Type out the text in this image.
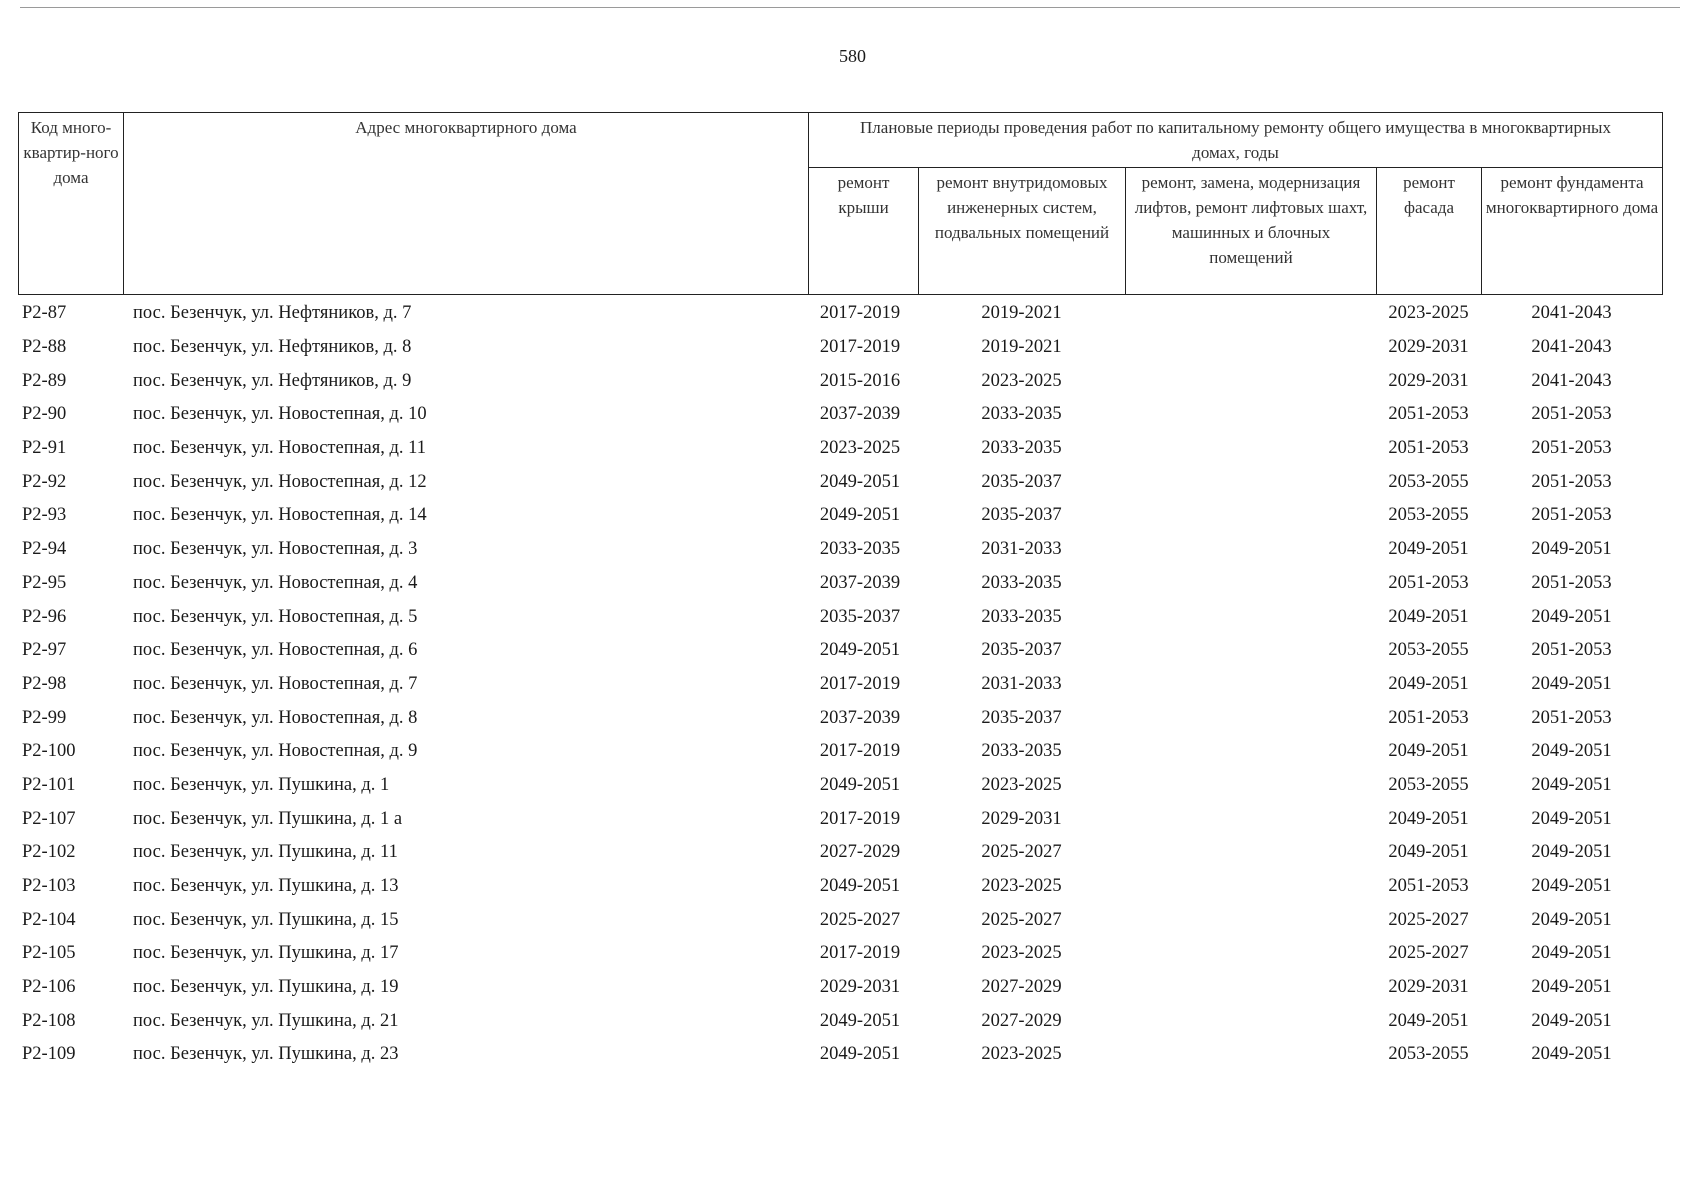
580
Код много-квартир-ного дома	Адрес многоквартирного дома	Плановые периоды проведения работ по капитальному ремонту общего имущества в многоквартирных домах, годы				
		ремонт крыши	ремонт внутридомовых инженерных систем, подвальных помещений	ремонт, замена, модернизация лифтов, ремонт лифтовых шахт, машинных и блочных помещений	ремонт фасада	ремонт фундамента многоквартирного дома
Р2-87	пос. Безенчук, ул. Нефтяников, д. 7	2017-2019	2019-2021		2023-2025	2041-2043
Р2-88	пос. Безенчук, ул. Нефтяников, д. 8	2017-2019	2019-2021		2029-2031	2041-2043
Р2-89	пос. Безенчук, ул. Нефтяников, д. 9	2015-2016	2023-2025		2029-2031	2041-2043
Р2-90	пос. Безенчук, ул. Новостепная, д. 10	2037-2039	2033-2035		2051-2053	2051-2053
Р2-91	пос. Безенчук, ул. Новостепная, д. 11	2023-2025	2033-2035		2051-2053	2051-2053
Р2-92	пос. Безенчук, ул. Новостепная, д. 12	2049-2051	2035-2037		2053-2055	2051-2053
Р2-93	пос. Безенчук, ул. Новостепная, д. 14	2049-2051	2035-2037		2053-2055	2051-2053
Р2-94	пос. Безенчук, ул. Новостепная, д. 3	2033-2035	2031-2033		2049-2051	2049-2051
Р2-95	пос. Безенчук, ул. Новостепная, д. 4	2037-2039	2033-2035		2051-2053	2051-2053
Р2-96	пос. Безенчук, ул. Новостепная, д. 5	2035-2037	2033-2035		2049-2051	2049-2051
Р2-97	пос. Безенчук, ул. Новостепная, д. 6	2049-2051	2035-2037		2053-2055	2051-2053
Р2-98	пос. Безенчук, ул. Новостепная, д. 7	2017-2019	2031-2033		2049-2051	2049-2051
Р2-99	пос. Безенчук, ул. Новостепная, д. 8	2037-2039	2035-2037		2051-2053	2051-2053
Р2-100	пос. Безенчук, ул. Новостепная, д. 9	2017-2019	2033-2035		2049-2051	2049-2051
Р2-101	пос. Безенчук, ул. Пушкина, д. 1	2049-2051	2023-2025		2053-2055	2049-2051
Р2-107	пос. Безенчук, ул. Пушкина, д. 1 а	2017-2019	2029-2031		2049-2051	2049-2051
Р2-102	пос. Безенчук, ул. Пушкина, д. 11	2027-2029	2025-2027		2049-2051	2049-2051
Р2-103	пос. Безенчук, ул. Пушкина, д. 13	2049-2051	2023-2025		2051-2053	2049-2051
Р2-104	пос. Безенчук, ул. Пушкина, д. 15	2025-2027	2025-2027		2025-2027	2049-2051
Р2-105	пос. Безенчук, ул. Пушкина, д. 17	2017-2019	2023-2025		2025-2027	2049-2051
Р2-106	пос. Безенчук, ул. Пушкина, д. 19	2029-2031	2027-2029		2029-2031	2049-2051
Р2-108	пос. Безенчук, ул. Пушкина, д. 21	2049-2051	2027-2029		2049-2051	2049-2051
Р2-109	пос. Безенчук, ул. Пушкина, д. 23	2049-2051	2023-2025		2053-2055	2049-2051
